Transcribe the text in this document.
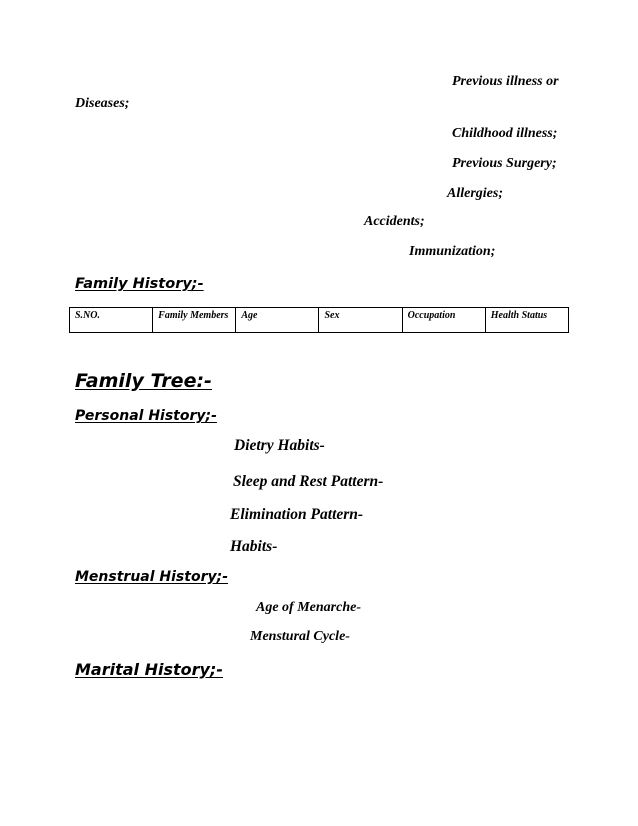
Previous illness or
Diseases;
Childhood illness;
Previous Surgery;
Allergies;
Accidents;
Immunization;
Family History;-
S.NO.	Family Members	Age	Sex	Occupation	Health Status
Family Tree:-
Personal History;-
Dietry Habits-
Sleep and Rest Pattern-
Elimination Pattern-
Habits-
Menstrual History;-
Age of Menarche-
Menstural Cycle-
Marital History;-
